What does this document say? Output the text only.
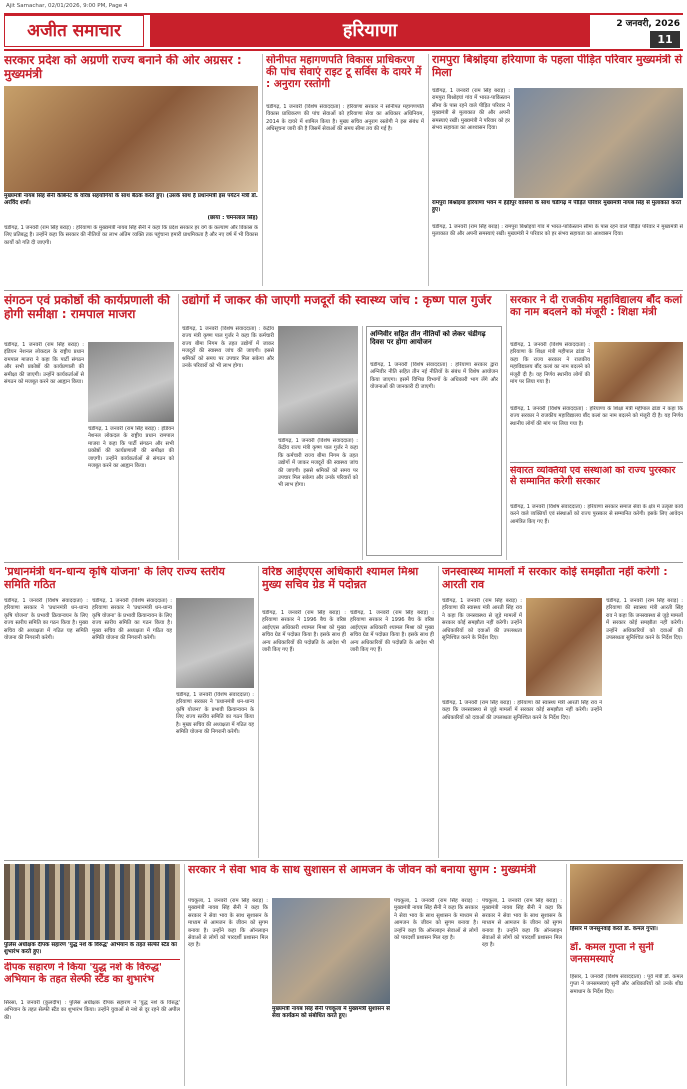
Ajit Samachar, 02/01/2026, 9:00 PM, Page 4
अजीत समाचार	हरियाणा	2 जनवरी, 2026
11
सरकार प्रदेश को अग्रणी राज्य बनाने की ओर अग्रसर : मुख्यमंत्री
मुख्यमंत्री नायब सिंह सैनी कैबिनेट के वरिष्ठ सहयोगियों के साथ बैठक करते हुए। (उसके साथ हैं प्रधानमंत्री इस पर्यटन मंत्री डॉ. अरविंद शर्मा।
(छाया : चमनलाल सिंह)
चंडीगढ़, 1 जनवरी (राम सिंह बराड़) : हरियाणा के मुख्यमंत्री नायब सिंह सैनी ने कहा कि प्रदेश सरकार हर वर्ग के कल्याण और विकास के लिए प्रतिबद्ध है। उन्होंने कहा कि सरकार की नीतियों का लाभ अंतिम व्यक्ति तक पहुंचाना हमारी प्राथमिकता है और नए वर्ष में भी विकास कार्यों को गति दी जाएगी।
सोनीपत महागणपति विकास प्राधिकरण की पांच सेवाएं राइट टू सर्विस के दायरे में : अनुराग रस्तोगी
चंडीगढ़, 1 जनवरी (विशेष संवाददाता) : हरियाणा सरकार ने सोनीपत महागणपति विकास प्राधिकरण की पांच सेवाओं को हरियाणा सेवा का अधिकार अधिनियम, 2014 के दायरे में शामिल किया है। मुख्य सचिव अनुराग रस्तोगी ने इस संबंध में अधिसूचना जारी की है जिसमें सेवाओं की समय सीमा तय की गई है।
रामपुरा बिश्नोइया हरियाणा के पहला पीड़ित परिवार मुख्यमंत्री से मिला
चंडीगढ़, 1 जनवरी (राम सिंह बराड़) : रामपुरा बिश्नोइयां गांव में भारत-पाकिस्तान सीमा के पास रहने वाले पीड़ित परिवार ने मुख्यमंत्री से मुलाकात की और अपनी समस्याएं रखीं। मुख्यमंत्री ने परिवार को हर संभव सहायता का आश्वासन दिया।
रामपुरा बिश्नोइयां हरियाणा भवन में हेड़ीपुर वासियों के साथ चंडीगढ़ में पीड़ित परिवार मुख्यमंत्री नायब सिंह से मुलाकात करते हुए।
चंडीगढ़, 1 जनवरी (राम सिंह बराड़) : रामपुरा बिश्नोइयां गांव में भारत-पाकिस्तान सीमा के पास रहने वाले पीड़ित परिवार ने मुख्यमंत्री से मुलाकात की और अपनी समस्याएं रखीं। मुख्यमंत्री ने परिवार को हर संभव सहायता का आश्वासन दिया।
संगठन एवं प्रकोष्ठों की कार्यप्रणाली की होगी समीक्षा : रामपाल माजरा
चंडीगढ़, 1 जनवरी (राम सिंह बराड़) : इंडियन नेशनल लोकदल के राष्ट्रीय प्रधान रामपाल माजरा ने कहा कि पार्टी संगठन और सभी प्रकोष्ठों की कार्यप्रणाली की समीक्षा की जाएगी। उन्होंने कार्यकर्ताओं से संगठन को मजबूत करने का आह्वान किया।
चंडीगढ़, 1 जनवरी (राम सिंह बराड़) : इंडियन नेशनल लोकदल के राष्ट्रीय प्रधान रामपाल माजरा ने कहा कि पार्टी संगठन और सभी प्रकोष्ठों की कार्यप्रणाली की समीक्षा की जाएगी। उन्होंने कार्यकर्ताओं से संगठन को मजबूत करने का आह्वान किया।
उद्योगों में जाकर की जाएगी मजदूरों की स्वास्थ्य जांच : कृष्ण पाल गुर्जर
चंडीगढ़, 1 जनवरी (विशेष संवाददाता) : केंद्रीय राज्य मंत्री कृष्ण पाल गुर्जर ने कहा कि कर्मचारी राज्य बीमा निगम के तहत उद्योगों में जाकर मजदूरों की स्वास्थ्य जांच की जाएगी। इससे श्रमिकों को समय पर उपचार मिल सकेगा और उनके परिवारों को भी लाभ होगा।
चंडीगढ़, 1 जनवरी (विशेष संवाददाता) : केंद्रीय राज्य मंत्री कृष्ण पाल गुर्जर ने कहा कि कर्मचारी राज्य बीमा निगम के तहत उद्योगों में जाकर मजदूरों की स्वास्थ्य जांच की जाएगी। इससे श्रमिकों को समय पर उपचार मिल सकेगा और उनके परिवारों को भी लाभ होगा।
अग्निवीर सहित तीन नीतियों को लेकर चंडीगढ़ दिवस पर होगा आयोजन
चंडीगढ़, 1 जनवरी (विशेष संवाददाता) : हरियाणा सरकार द्वारा अग्निवीर नीति सहित तीन नई नीतियों के संबंध में विशेष आयोजन किया जाएगा। इसमें विभिन्न विभागों के अधिकारी भाग लेंगे और योजनाओं की जानकारी दी जाएगी।
सरकार ने दी राजकीय महाविद्यालय बौंद कलां का नाम बदलने को मंजूरी : शिक्षा मंत्री
चंडीगढ़, 1 जनवरी (विशेष संवाददाता) : हरियाणा के शिक्षा मंत्री महीपाल ढांडा ने कहा कि राज्य सरकार ने राजकीय महाविद्यालय बौंद कलां का नाम बदलने को मंजूरी दी है। यह निर्णय स्थानीय लोगों की मांग पर लिया गया है।
चंडीगढ़, 1 जनवरी (विशेष संवाददाता) : हरियाणा के शिक्षा मंत्री महीपाल ढांडा ने कहा कि राज्य सरकार ने राजकीय महाविद्यालय बौंद कलां का नाम बदलने को मंजूरी दी है। यह निर्णय स्थानीय लोगों की मांग पर लिया गया है।
सेवारत व्यक्तियों एवं संस्थाओं को राज्य पुरस्कार से सम्मानित करेगी सरकार
चंडीगढ़, 1 जनवरी (विशेष संवाददाता) : हरियाणा सरकार समाज सेवा के क्षेत्र में उत्कृष्ट कार्य करने वाले व्यक्तियों एवं संस्थाओं को राज्य पुरस्कार से सम्मानित करेगी। इसके लिए आवेदन आमंत्रित किए गए हैं।
'प्रधानमंत्री धन-धान्य कृषि योजना' के लिए राज्य स्तरीय समिति गठित
चंडीगढ़, 1 जनवरी (विशेष संवाददाता) : हरियाणा सरकार ने 'प्रधानमंत्री धन-धान्य कृषि योजना' के प्रभावी क्रियान्वयन के लिए राज्य स्तरीय समिति का गठन किया है। मुख्य सचिव की अध्यक्षता में गठित यह समिति योजना की निगरानी करेगी।
चंडीगढ़, 1 जनवरी (विशेष संवाददाता) : हरियाणा सरकार ने 'प्रधानमंत्री धन-धान्य कृषि योजना' के प्रभावी क्रियान्वयन के लिए राज्य स्तरीय समिति का गठन किया है। मुख्य सचिव की अध्यक्षता में गठित यह समिति योजना की निगरानी करेगी।
चंडीगढ़, 1 जनवरी (विशेष संवाददाता) : हरियाणा सरकार ने 'प्रधानमंत्री धन-धान्य कृषि योजना' के प्रभावी क्रियान्वयन के लिए राज्य स्तरीय समिति का गठन किया है। मुख्य सचिव की अध्यक्षता में गठित यह समिति योजना की निगरानी करेगी।
वरिष्ठ आईएएस अधिकारी श्यामल मिश्रा मुख्य सचिव ग्रेड में पदोन्नत
चंडीगढ़, 1 जनवरी (राम सिंह बराड़) : हरियाणा सरकार ने 1996 बैच के वरिष्ठ आईएएस अधिकारी श्यामल मिश्रा को मुख्य सचिव ग्रेड में पदोन्नत किया है। इसके साथ ही अन्य अधिकारियों की पदोन्नति के आदेश भी जारी किए गए हैं।
चंडीगढ़, 1 जनवरी (राम सिंह बराड़) : हरियाणा सरकार ने 1996 बैच के वरिष्ठ आईएएस अधिकारी श्यामल मिश्रा को मुख्य सचिव ग्रेड में पदोन्नत किया है। इसके साथ ही अन्य अधिकारियों की पदोन्नति के आदेश भी जारी किए गए हैं।
जनस्वास्थ्य मामलों में सरकार कोई समझौता नहीं करेगी : आरती राव
चंडीगढ़, 1 जनवरी (राम सिंह बराड़) : हरियाणा की स्वास्थ्य मंत्री आरती सिंह राव ने कहा कि जनस्वास्थ्य से जुड़े मामलों में सरकार कोई समझौता नहीं करेगी। उन्होंने अधिकारियों को दवाओं की उपलब्धता सुनिश्चित करने के निर्देश दिए।
चंडीगढ़, 1 जनवरी (राम सिंह बराड़) : हरियाणा की स्वास्थ्य मंत्री आरती सिंह राव ने कहा कि जनस्वास्थ्य से जुड़े मामलों में सरकार कोई समझौता नहीं करेगी। उन्होंने अधिकारियों को दवाओं की उपलब्धता सुनिश्चित करने के निर्देश दिए।
चंडीगढ़, 1 जनवरी (राम सिंह बराड़) : हरियाणा की स्वास्थ्य मंत्री आरती सिंह राव ने कहा कि जनस्वास्थ्य से जुड़े मामलों में सरकार कोई समझौता नहीं करेगी। उन्होंने अधिकारियों को दवाओं की उपलब्धता सुनिश्चित करने के निर्देश दिए।
पुलिस अधीक्षक दीपक सहारण 'युद्ध नशे के विरुद्ध' अभियान के तहत सेल्फी स्टैंड का शुभारंभ करते हुए।
दीपक सहारण ने किया 'युद्ध नशे के विरुद्ध' अभियान के तहत सेल्फी स्टैंड का शुभारंभ
सिरसा, 1 जनवरी (कुलदीप) : पुलिस अधीक्षक दीपक सहारण ने 'युद्ध नशे के विरुद्ध' अभियान के तहत सेल्फी स्टैंड का शुभारंभ किया। उन्होंने युवाओं से नशे से दूर रहने की अपील की।
सरकार ने सेवा भाव के साथ सुशासन से आमजन के जीवन को बनाया सुगम : मुख्यमंत्री
पंचकूला, 1 जनवरी (राम सिंह बराड़) : मुख्यमंत्री नायब सिंह सैनी ने कहा कि सरकार ने सेवा भाव के साथ सुशासन के माध्यम से आमजन के जीवन को सुगम बनाया है। उन्होंने कहा कि ऑनलाइन सेवाओं से लोगों को पारदर्शी प्रशासन मिल रहा है।
मुख्यमंत्री नायब सिंह सैनी पंचकूला में मुख्यमंत्री सुशासन से सेवा कार्यक्रम को संबोधित करते हुए।
पंचकूला, 1 जनवरी (राम सिंह बराड़) : मुख्यमंत्री नायब सिंह सैनी ने कहा कि सरकार ने सेवा भाव के साथ सुशासन के माध्यम से आमजन के जीवन को सुगम बनाया है। उन्होंने कहा कि ऑनलाइन सेवाओं से लोगों को पारदर्शी प्रशासन मिल रहा है।
पंचकूला, 1 जनवरी (राम सिंह बराड़) : मुख्यमंत्री नायब सिंह सैनी ने कहा कि सरकार ने सेवा भाव के साथ सुशासन के माध्यम से आमजन के जीवन को सुगम बनाया है। उन्होंने कहा कि ऑनलाइन सेवाओं से लोगों को पारदर्शी प्रशासन मिल रहा है।
हिसार में जनसुनवाई करते डॉ. कमल गुप्ता।
डॉ. कमल गुप्ता ने सुनीं जनसमस्याएं
हिसार, 1 जनवरी (विशेष संवाददाता) : पूर्व मंत्री डॉ. कमल गुप्ता ने जनसमस्याएं सुनीं और अधिकारियों को उनके शीघ्र समाधान के निर्देश दिए।
